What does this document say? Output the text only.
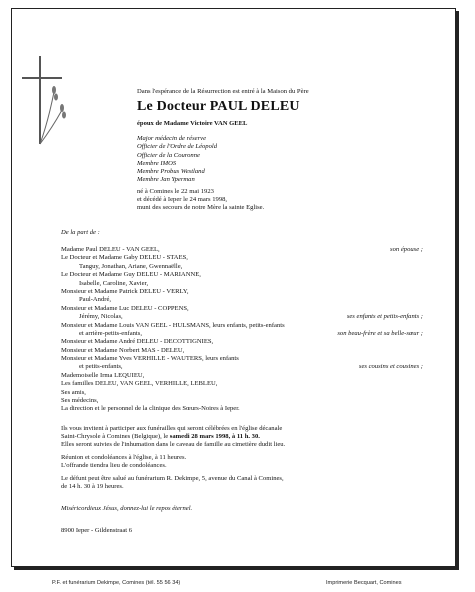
Dans l'espérance de la Résurrection est entré à la Maison du Père
Le Docteur PAUL DELEU
époux de Madame Victoire VAN GEEL
Major médecin de réserve
Officier de l'Ordre de Léopold
Officier de la Couronne
Membre IMOS
Membre Probus Westland
Membre Jan Yperman
né à Comines le 22 mai 1923
et décédé à Ieper le 24 mars 1998,
muni des secours de notre Mère la sainte Eglise.
De la part de :
Madame Paul DELEU - VAN GEEL,	son épouse ;
Le Docteur et Madame Gaby DELEU - STAES,
Tanguy, Jonathan, Ariane, Gwennaëlle,
Le Docteur et Madame Guy DELEU - MARIANNE,
Isabelle, Caroline, Xavier,
Monsieur et Madame Patrick DELEU - VERLY,
Paul-André,
Monsieur et Madame Luc DELEU - COPPENS,
Jérémy, Nicolas,	ses enfants et petits-enfants ;
Monsieur et Madame Louis VAN GEEL - HULSMANS, leurs enfants, petits-enfants
et arrière-petits-enfants,	son beau-frère et sa belle-sœur ;
Monsieur et Madame André DELEU - DECOTTIGNIES,
Monsieur et Madame Norbert MAS - DELEU,
Monsieur et Madame Yves VERHILLE - WAUTERS, leurs enfants
et petits-enfants,	ses cousins et cousines ;
Mademoiselle Irma LEQUIEU,
Les familles DELEU, VAN GEEL, VERHILLE, LEBLEU,
Ses amis,
Ses médecins,
La direction et le personnel de la clinique des Sœurs-Noires à Ieper.
Ils vous invitent à participer aux funérailles qui seront célébrées en l'église décanale
Saint-Chrysole à Comines (Belgique), le samedi 28 mars 1998, à 11 h. 30.
Elles seront suivies de l'inhumation dans le caveau de famille au cimetière dudit lieu.
Réunion et condoléances à l'église, à 11 heures.
L'offrande tiendra lieu de condoléances.
Le défunt peut être salué au funérarium R. Dekimpe, 5, avenue du Canal à Comines,
de 14 h. 30 à 19 heures.
Miséricordieux Jésus, donnez-lui le repos éternel.
8900 Ieper - Gildenstraat 6
P.F. et funérarium Dekimpe, Comines (tél. 55 56 34)	Imprimerie Becquart, Comines
